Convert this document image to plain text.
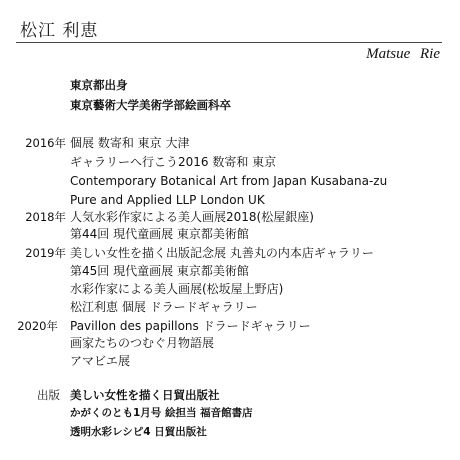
松江 利恵
Matsue Rie
東京都出身
東京藝術大学美術学部絵画科卒
2016年 個展 数寄和 東京 大津
ギャラリーへ行こう2016 数寄和 東京
Contemporary Botanical Art from Japan Kusabana-zu
Pure and Applied LLP London UK
2018年 人気水彩作家による美人画展2018(松屋銀座)
第44回 現代童画展 東京都美術館
2019年 美しい女性を描く出版記念展 丸善丸の内本店ギャラリー
第45回 現代童画展 東京都美術館
水彩作家による美人画展(松坂屋上野店)
松江利恵 個展 ドラードギャラリー
2020年 Pavillon des papillons ドラードギャラリー
画家たちのつむぐ月物語展
アマビエ展
出版 美しい女性を描く日貿出版社
かがくのとも1月号 絵担当 福音館書店
透明水彩レシピ4 日貿出版社
